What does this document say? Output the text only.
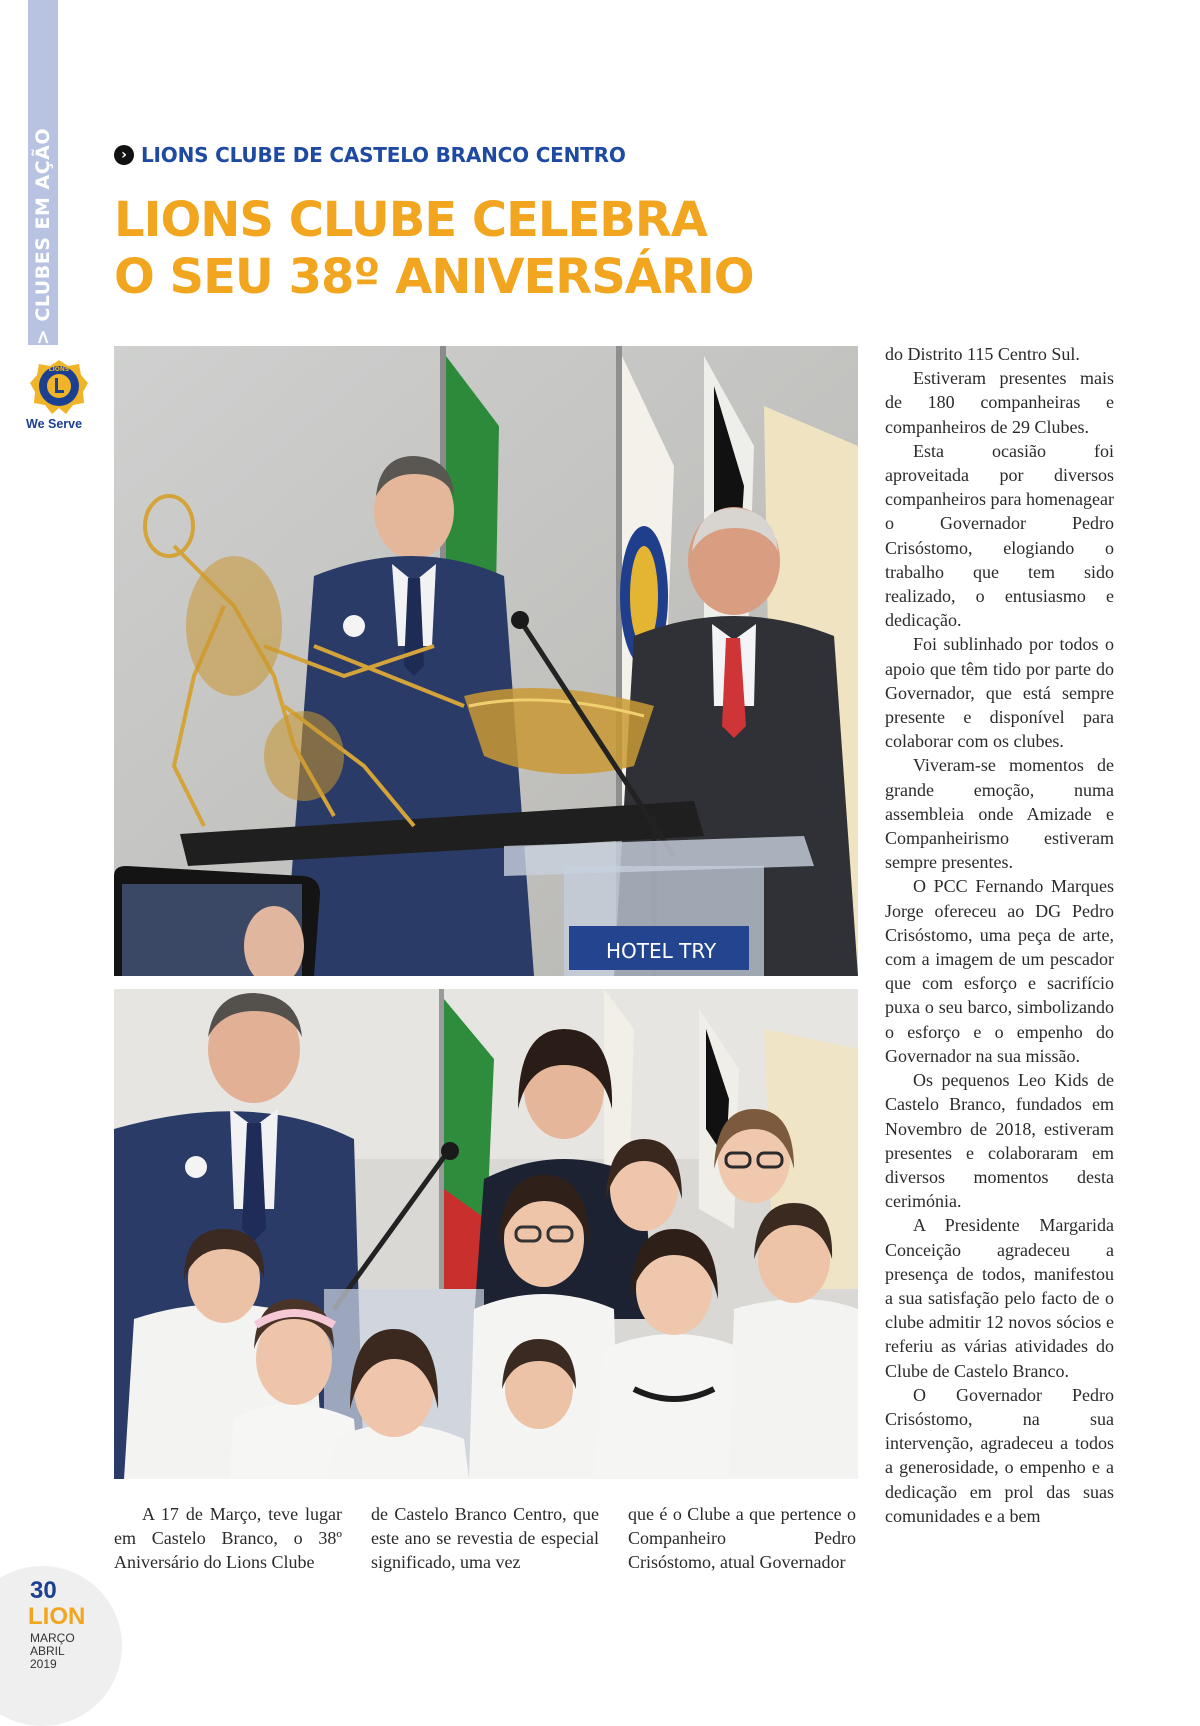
> CLUBES EM AÇÃO
LIONS
We Serve
› LIONS CLUBE DE CASTELO BRANCO CENTRO
LIONS CLUBE CELEBRA
O SEU 38º ANIVERSÁRIO
HOTEL TRY

A 17 de Março, teve lugar em Castelo Branco, o 38º Aniversário do Lions Clube

de Castelo Branco Centro, que este ano se revestia de especial significado, uma vez

que é o Clube a que pertence o Companheiro Pedro Crisóstomo, atual Governador

do Distrito 115 Centro Sul.

Estiveram presentes mais de 180 companheiras e companheiros de 29 Clubes.

Esta ocasião foi aproveitada por diversos companheiros para homenagear o Governador Pedro Crisóstomo, elogiando o trabalho que tem sido realizado, o entusiasmo e dedicação.

Foi sublinhado por todos o apoio que têm tido por parte do Governador, que está sempre presente e disponível para colaborar com os clubes.

Viveram-se momentos de grande emoção, numa assembleia onde Amizade e Companheirismo estiveram sempre presentes.

O PCC Fernando Marques Jorge ofereceu ao DG Pedro Crisóstomo, uma peça de arte, com a imagem de um pescador que com esforço e sacrifício puxa o seu barco, simbolizando o esforço e o empenho do Governador na sua missão.

Os pequenos Leo Kids de Castelo Branco, fundados em Novembro de 2018, estiveram presentes e colaboraram em diversos momentos desta cerimónia.

A Presidente Margarida Conceição agradeceu a presença de todos, manifestou a sua satisfação pelo facto de o clube admitir 12 novos sócios e referiu as várias atividades do Clube de Castelo Branco.

O Governador Pedro Crisóstomo, na sua intervenção, agradeceu a todos a generosidade, o empenho e a dedicação em prol das suas comunidades e a bem

30
LION
MARÇO
ABRIL
2019
